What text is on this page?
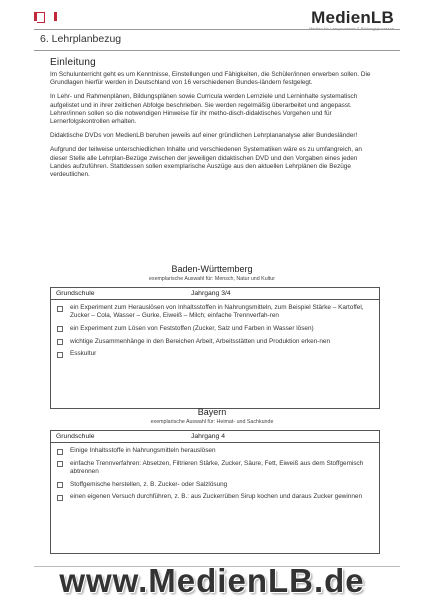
MedienLB
Medien für Lernprozesse & Bildungsprozesse
6. Lehrplanbezug
Einleitung

Im Schulunterricht geht es um Kenntnisse, Einstellungen und Fähigkeiten, die Schüler/innen erwerben sollen. Die Grundlagen hierfür werden in Deutschland von 16 verschiedenen Bundes-ländern festgelegt.

In Lehr- und Rahmenplänen, Bildungsplänen sowie Curricula werden Lernziele und Lerninhalte systematisch aufgelistet und in ihrer zeitlichen Abfolge beschrieben. Sie werden regelmäßig überarbeitet und angepasst. Lehrer/innen sollen so die notwendigen Hinweise für ihr metho-disch-didaktisches Vorgehen und für Lernerfolgskontrollen erhalten.

Didaktische DVDs von MedienLB beruhen jeweils auf einer gründlichen Lehrplananalyse aller Bundesländer!

Aufgrund der teilweise unterschiedlichen Inhalte und verschiedenen Systematiken wäre es zu umfangreich, an dieser Stelle alle Lehrplan-Bezüge zwischen der jeweiligen didaktischen DVD und den Vorgaben eines jeden Landes aufzuführen. Stattdessen sollen exemplarische Auszüge aus den aktuellen Lehrplänen die Bezüge verdeutlichen.

Baden-Württemberg
exemplarische Auswahl für: Mensch, Natur und Kultur
Grundschule	Jahrgang 3/4
ein Experiment zum Herauslösen von Inhaltsstoffen in Nahrungsmitteln, zum Beispiel Stärke – Kartoffel, Zucker – Cola, Wasser – Gurke, Eiweiß – Milch; einfache Trennverfah-ren
ein Experiment zum Lösen von Feststoffen (Zucker, Salz und Farben in Wasser lösen)
wichtige Zusammenhänge in den Bereichen Arbeit, Arbeitsstätten und Produktion erken-nen
Esskultur
Bayern
exemplarische Auswahl für: Heimat- und Sachkunde
Grundschule	Jahrgang 4
Einige Inhaltsstoffe in Nahrungsmitteln herauslösen
einfache Trennverfahren: Absetzen, Filtrieren Stärke, Zucker, Säure, Fett, Eiweiß aus dem Stoffgemisch abtrennen
Stoffgemische herstellen, z. B. Zucker- oder Salzlösung
einen eigenen Versuch durchführen, z. B.: aus Zuckerrüben Sirup kochen und daraus Zucker gewinnen
www.MedienLB.de
